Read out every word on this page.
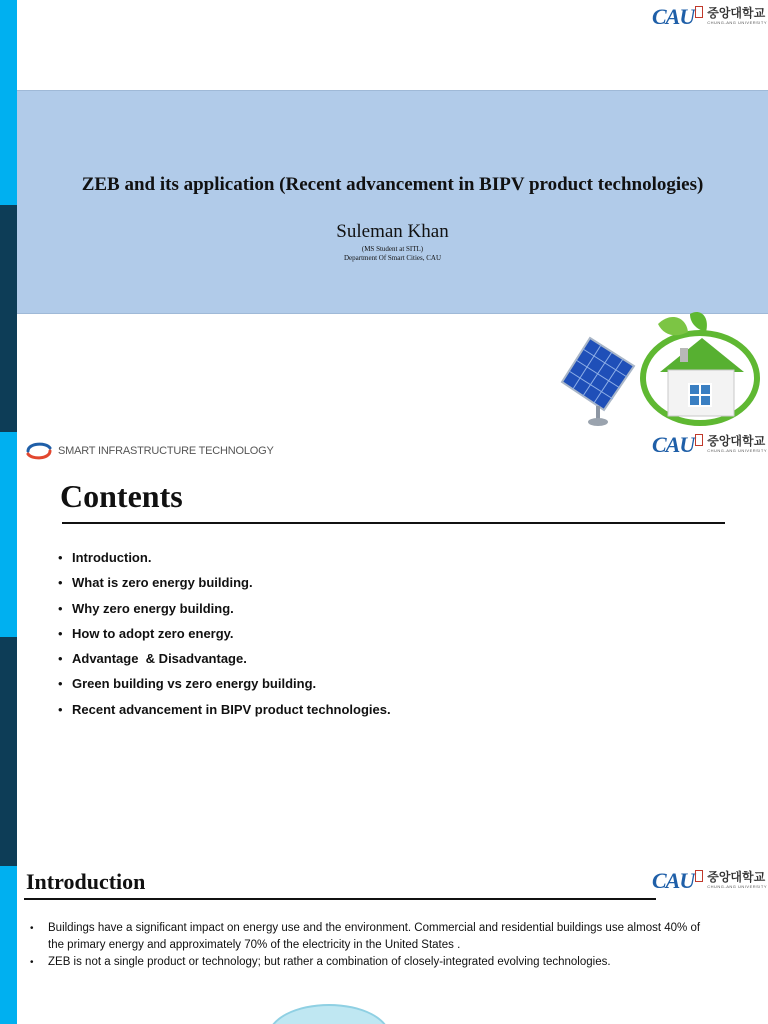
CAU 중앙대학교
CHUNG-ANG UNIVERSITY
ZEB and its application (Recent advancement in BIPV product technologies)
Suleman Khan
(MS Student at SITL)
Department Of Smart Cities, CAU
SMART INFRASTRUCTURE TECHNOLOGY	CAU 중앙대학교
CHUNG-ANG UNIVERSITY
Contents
• Introduction.
• What is zero energy building.
• Why zero energy building.
• How to adopt zero energy.
• Advantage  & Disadvantage.
• Green building vs zero energy building.
• Recent advancement in BIPV product technologies.
Introduction	CAU 중앙대학교
CHUNG-ANG UNIVERSITY
•	Buildings have a significant impact on energy use and the environment. Commercial and residential buildings use almost 40% of the primary energy and approximately 70% of the electricity in the United States .
•	ZEB is not a single product or technology; but rather a combination of closely-integrated evolving technologies.
